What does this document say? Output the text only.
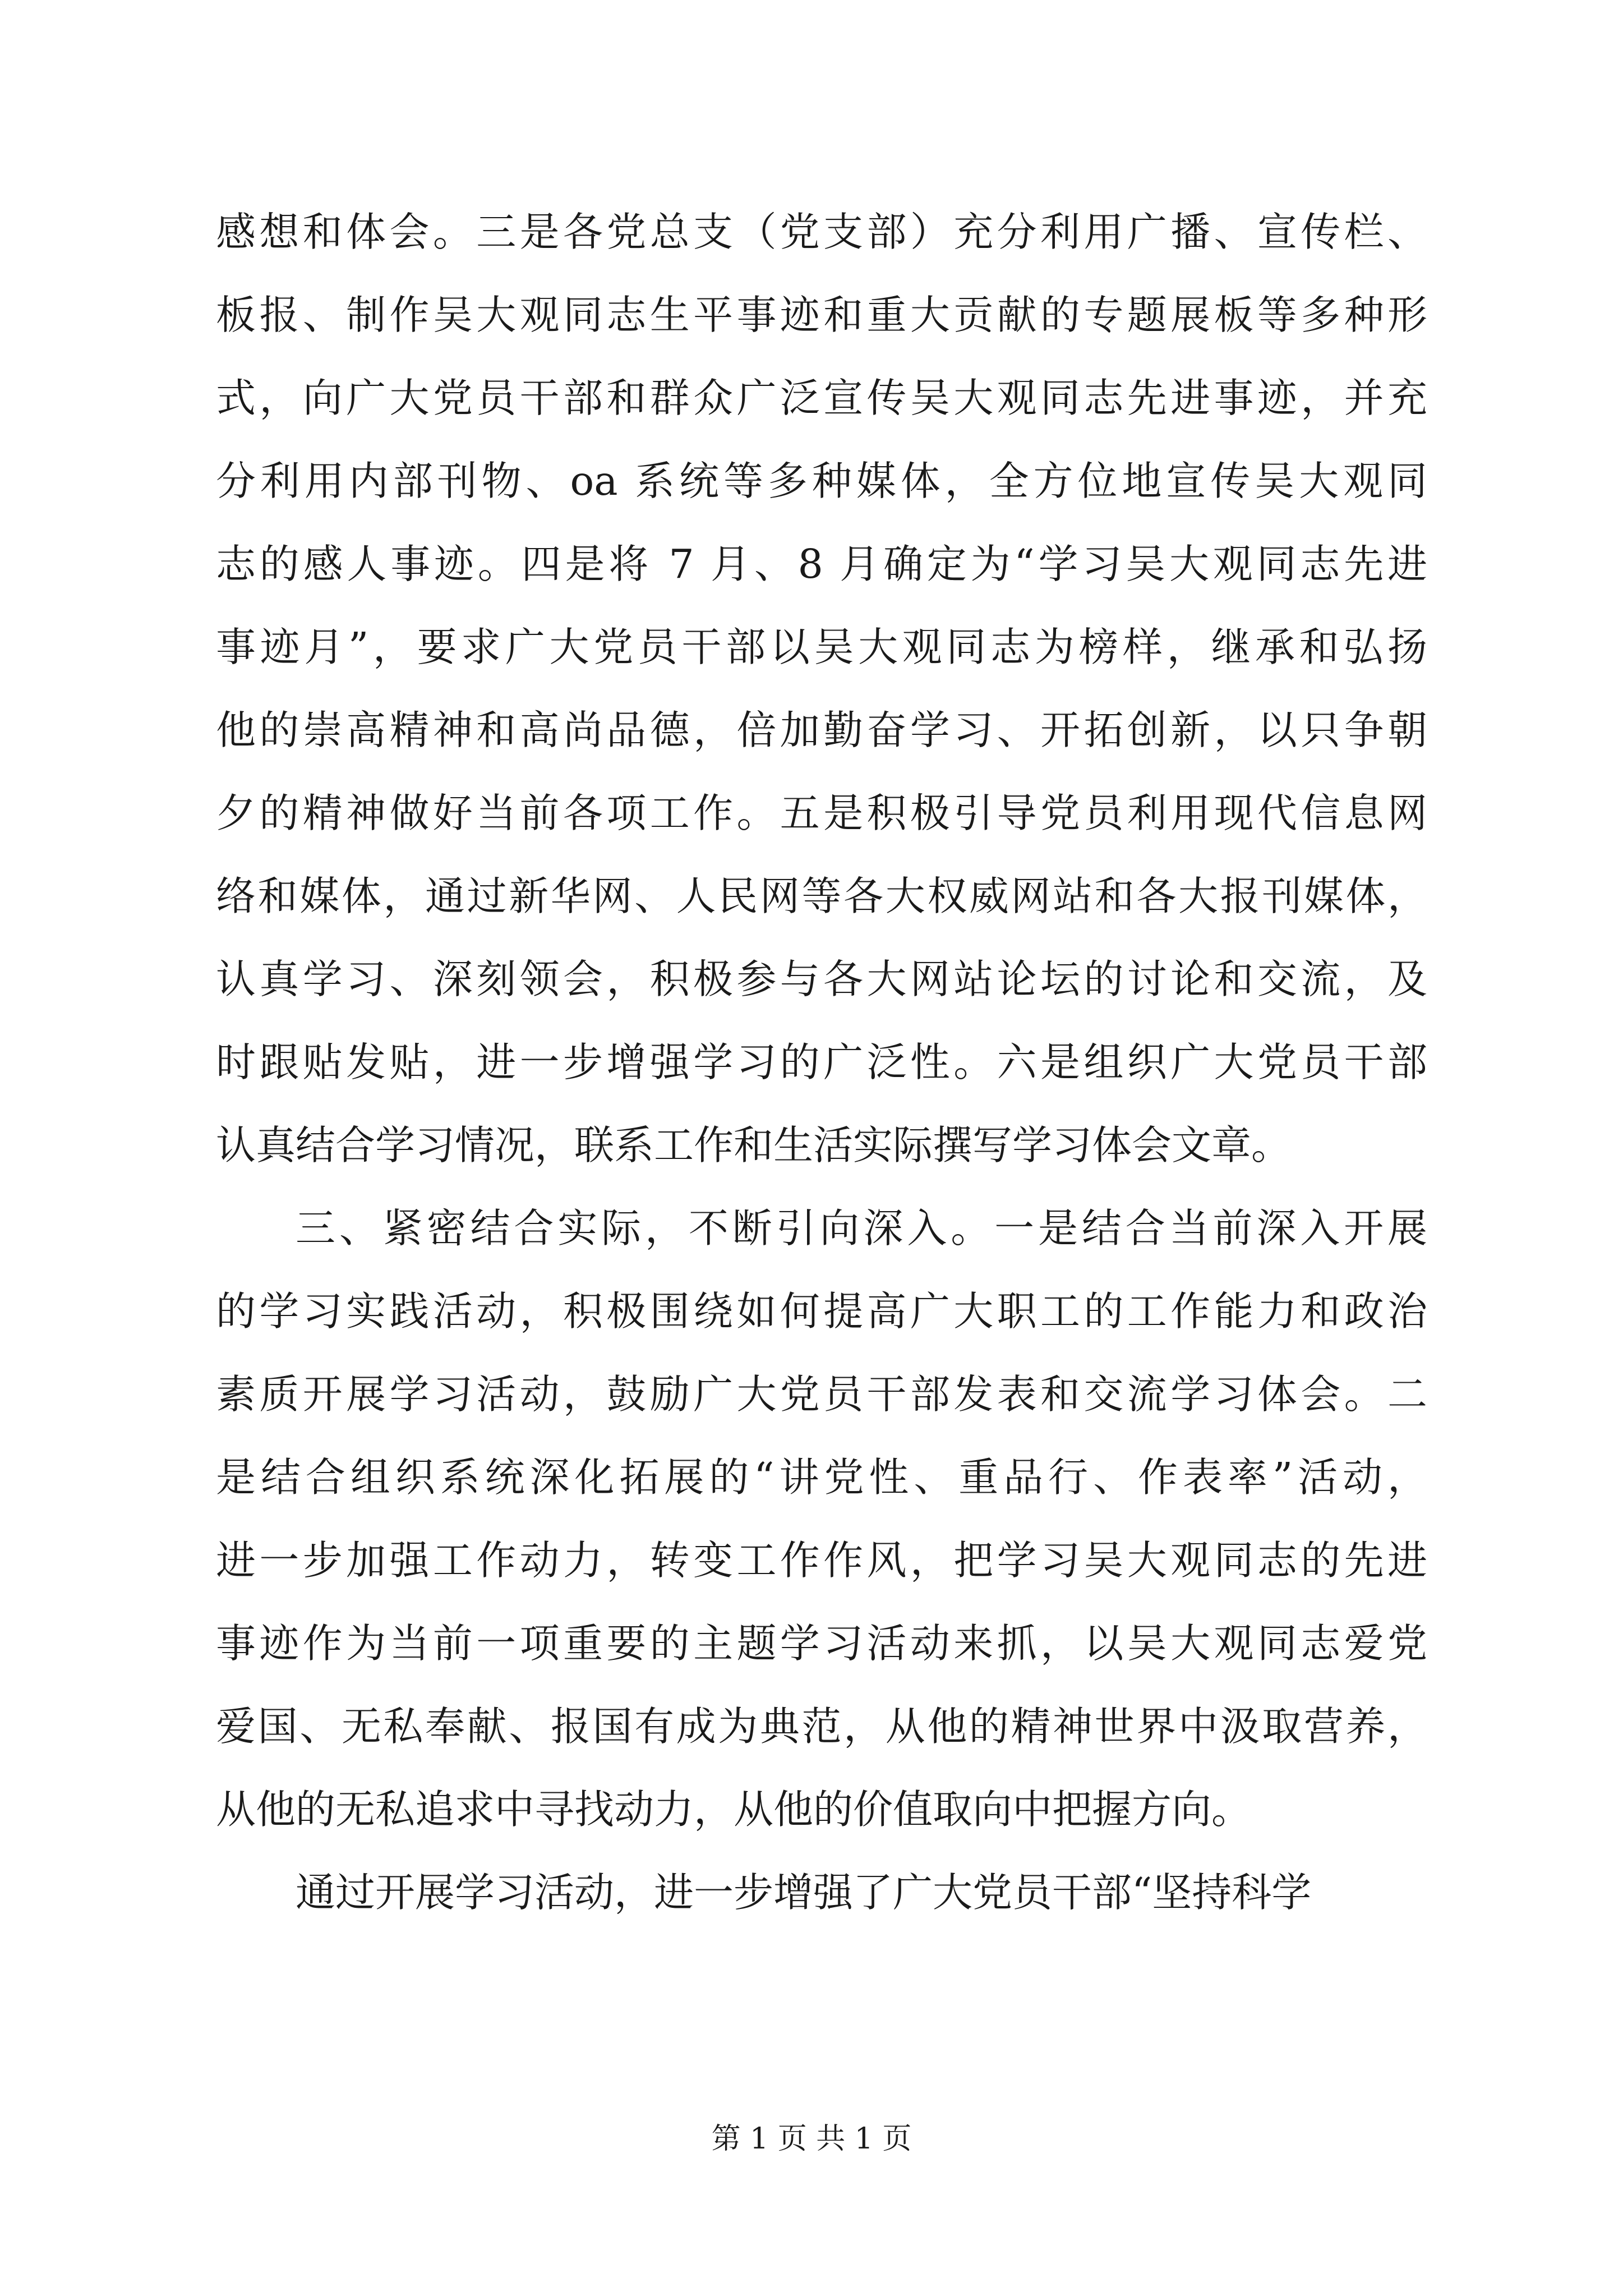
感想和体会。三是各党总支（党支部）充分利用广播、宣传栏、
板报、制作吴大观同志生平事迹和重大贡献的专题展板等多种形
式，向广大党员干部和群众广泛宣传吴大观同志先进事迹，并充
分利用内部刊物、oa 系统等多种媒体，全方位地宣传吴大观同
志的感人事迹。四是将 7 月、8 月确定为“学习吴大观同志先进
事迹月”，要求广大党员干部以吴大观同志为榜样，继承和弘扬
他的崇高精神和高尚品德，倍加勤奋学习、开拓创新，以只争朝
夕的精神做好当前各项工作。五是积极引导党员利用现代信息网
络和媒体，通过新华网、人民网等各大权威网站和各大报刊媒体，
认真学习、深刻领会，积极参与各大网站论坛的讨论和交流，及
时跟贴发贴，进一步增强学习的广泛性。六是组织广大党员干部
认真结合学习情况，联系工作和生活实际撰写学习体会文章。
三、紧密结合实际，不断引向深入。一是结合当前深入开展
的学习实践活动，积极围绕如何提高广大职工的工作能力和政治
素质开展学习活动，鼓励广大党员干部发表和交流学习体会。二
是结合组织系统深化拓展的“讲党性、重品行、作表率”活动，
进一步加强工作动力，转变工作作风，把学习吴大观同志的先进
事迹作为当前一项重要的主题学习活动来抓，以吴大观同志爱党
爱国、无私奉献、报国有成为典范，从他的精神世界中汲取营养，
从他的无私追求中寻找动力，从他的价值取向中把握方向。
通过开展学习活动，进一步增强了广大党员干部“坚持科学
第 1 页 共 1 页
